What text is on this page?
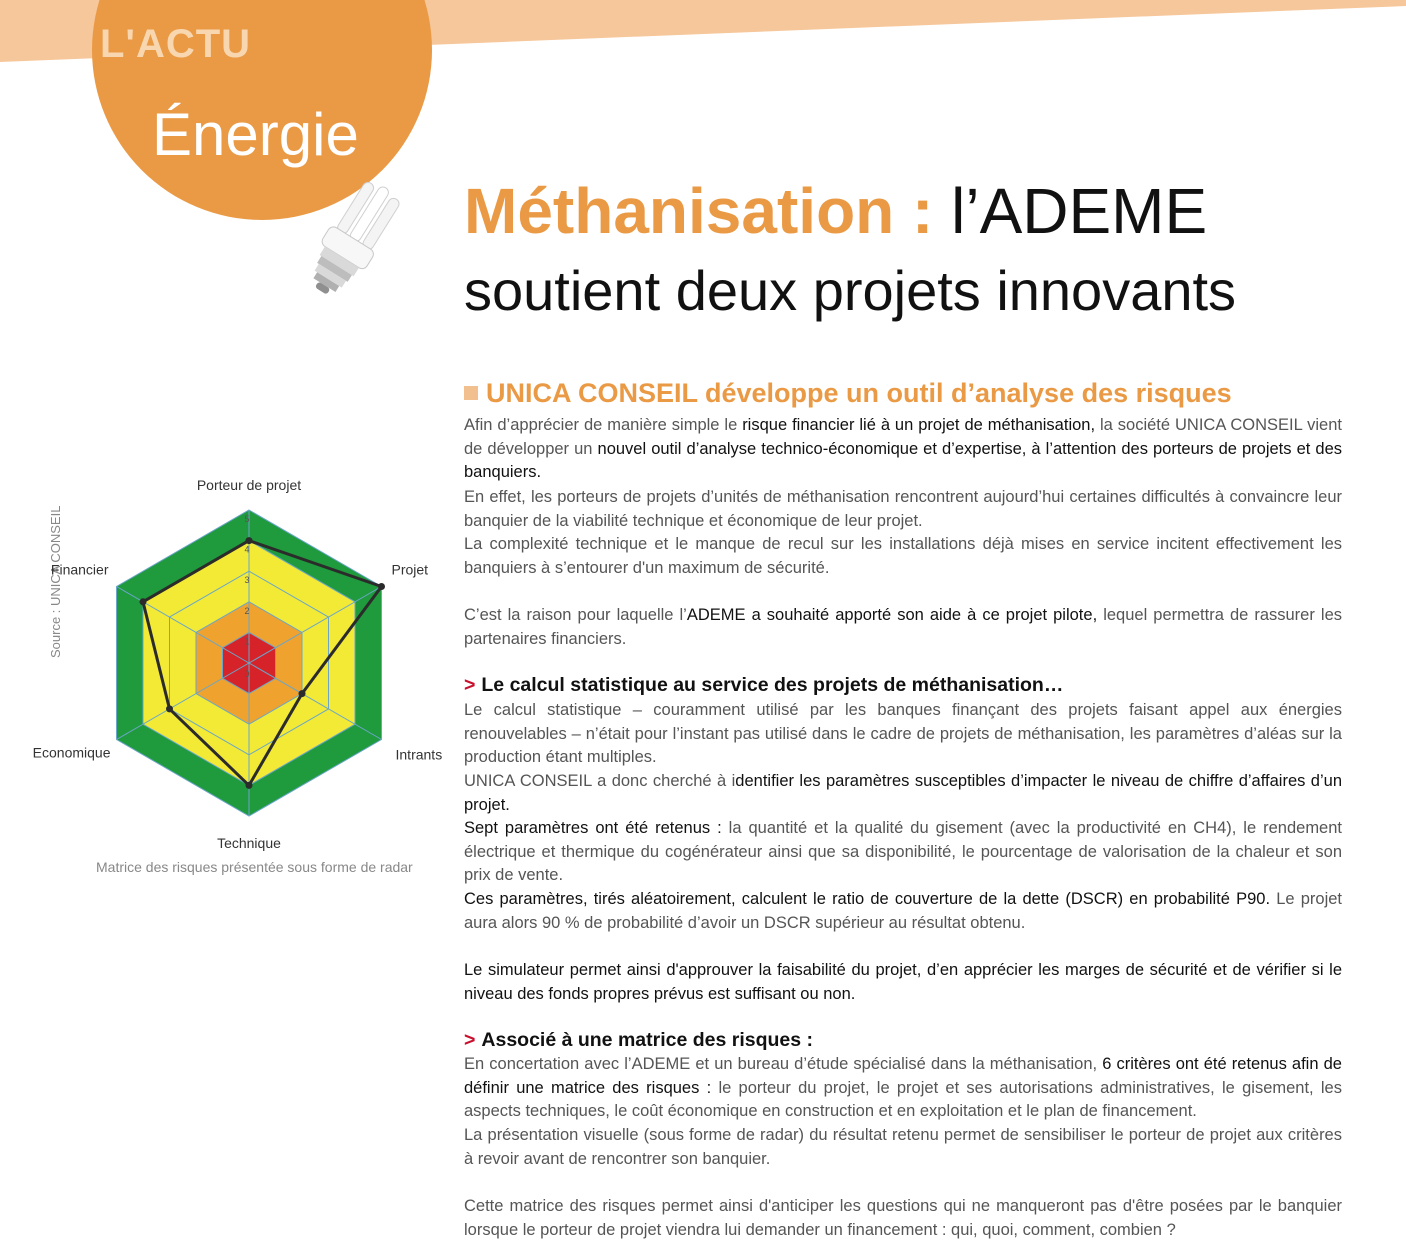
L'ACTU
Énergie
Méthanisation : l’ADEME
soutient deux projets innovants
UNICA CONSEIL développe un outil d’analyse des risques

Afin d’apprécier de manière simple le risque financier lié à un projet de méthanisation, la société UNICA CONSEIL vient de développer un nouvel outil d’analyse technico-économique et d’expertise, à l’attention des porteurs de projets et des banquiers.

En effet, les porteurs de projets d’unités de méthanisation rencontrent aujourd’hui certaines difficultés à convaincre leur banquier de la viabilité technique et économique de leur projet.

La complexité technique et le manque de recul sur les installations déjà mises en service incitent effectivement les banquiers à s’entourer d'un maximum de sécurité.

C’est la raison pour laquelle l’ADEME a souhaité apporté son aide à ce projet pilote, lequel permettra de rassurer les partenaires financiers.

> Le calcul statistique au service des projets de méthanisation…

Le calcul statistique – couramment utilisé par les banques finançant des projets faisant appel aux énergies renouvelables – n’était pour l’instant pas utilisé dans le cadre de projets de méthanisation, les paramètres d’aléas sur la production étant multiples.

UNICA CONSEIL a donc cherché à identifier les paramètres susceptibles d’impacter le niveau de chiffre d’affaires d’un projet.

Sept paramètres ont été retenus : la quantité et la qualité du gisement (avec la productivité en CH4), le rendement électrique et thermique du cogénérateur ainsi que sa disponibilité, le pourcentage de valorisation de la chaleur et son prix de vente.

Ces paramètres, tirés aléatoirement, calculent le ratio de couverture de la dette (DSCR) en probabilité P90. Le projet aura alors 90 % de probabilité d’avoir un DSCR supérieur au résultat obtenu.

Le simulateur permet ainsi d'approuver la faisabilité du projet, d’en apprécier les marges de sécurité et de vérifier si le niveau des fonds propres prévus est suffisant ou non.

> Associé à une matrice des risques :

En concertation avec l’ADEME et un bureau d’étude spécialisé dans la méthanisation, 6 critères ont été retenus afin de définir une matrice des risques : le porteur du projet, le projet et ses autorisations administratives, le gisement, les aspects techniques, le coût économique en construction et en exploitation et le plan de financement.

La présentation visuelle (sous forme de radar) du résultat retenu permet de sensibiliser le porteur de projet aux critères à revoir avant de rencontrer son banquier.

Cette matrice des risques permet ainsi d'anticiper les questions qui ne manqueront pas d'être posées par le banquier lorsque le porteur de projet viendra lui demander un financement : qui, quoi, comment, combien ?

Source : UNICA CONSEIL
0
1
2
3
4
5
Porteur de projet
Projet
Intrants
Technique
Economique
Financier
Matrice des risques présentée sous forme de radar
